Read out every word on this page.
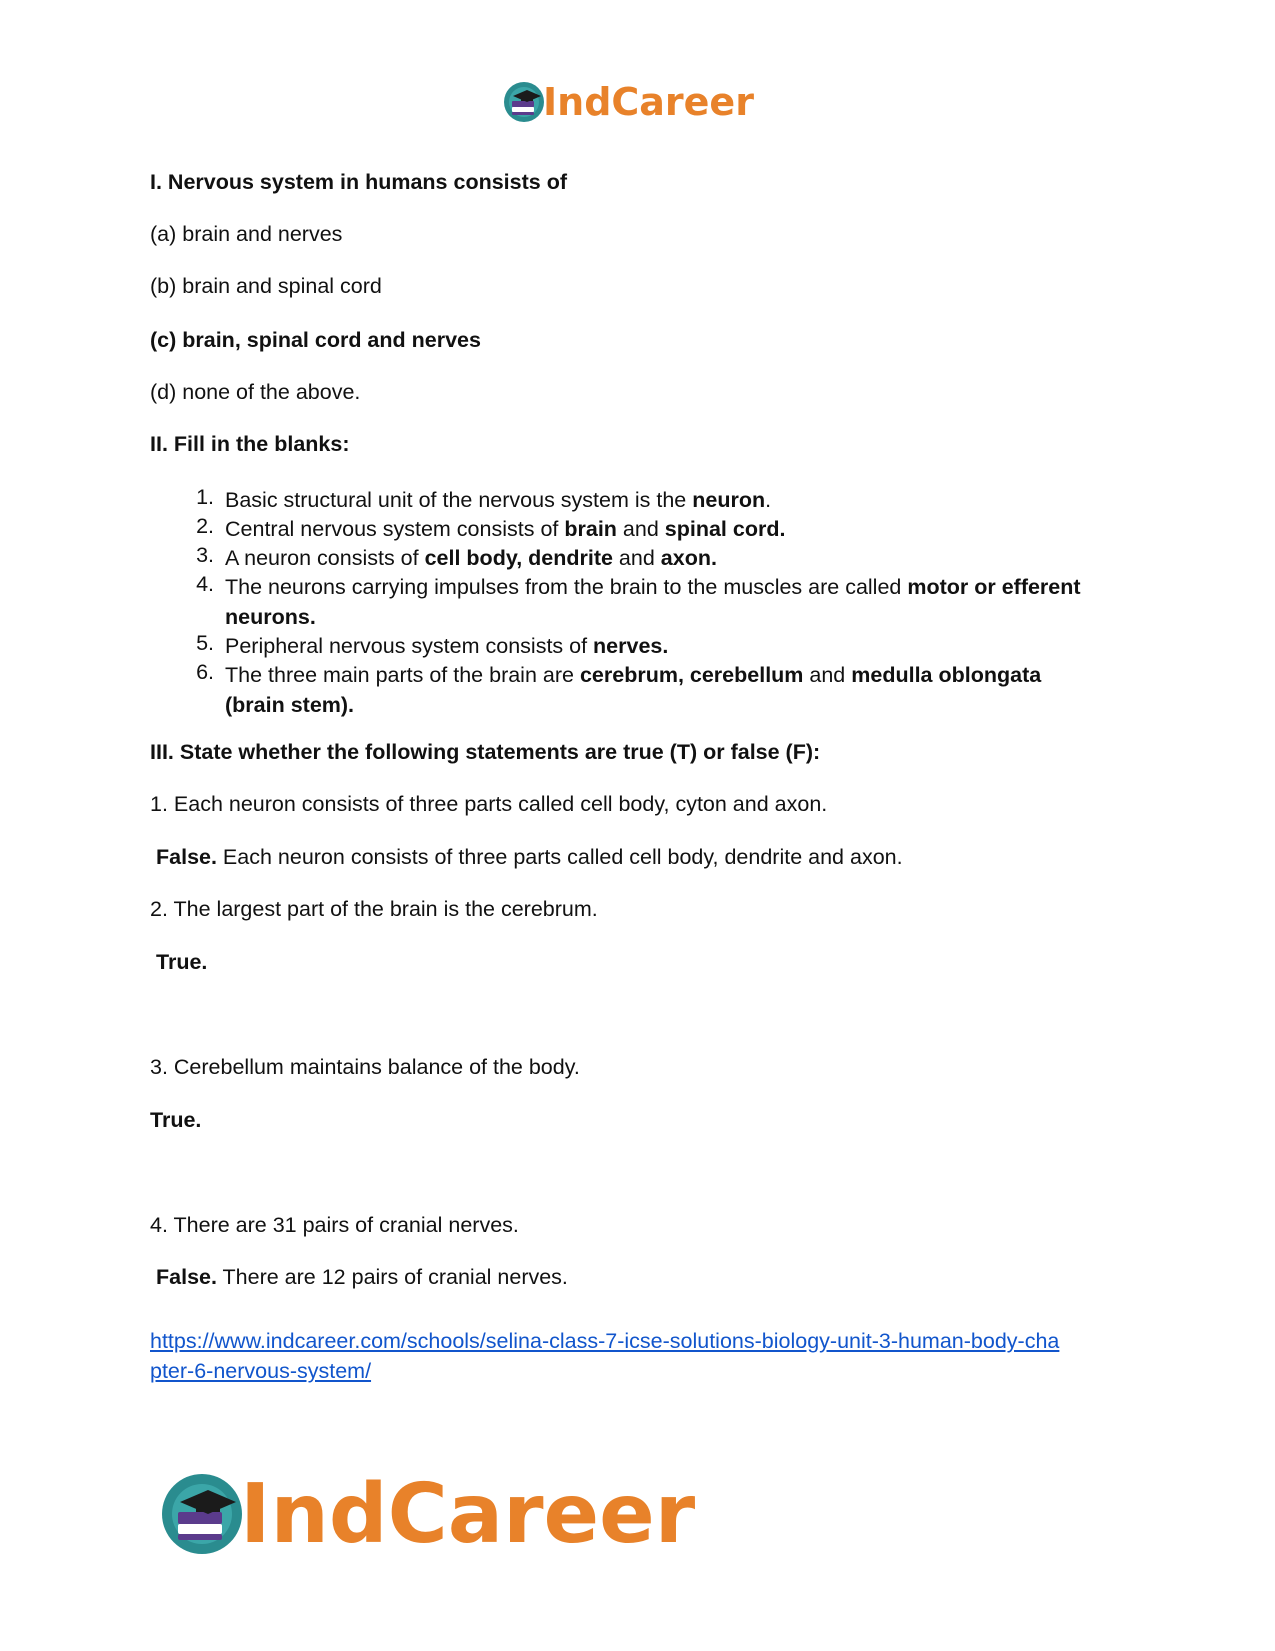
IndCareer
I. Nervous system in humans consists of
(a) brain and nerves
(b) brain and spinal cord
(c) brain, spinal cord and nerves
(d) none of the above.
II. Fill in the blanks:
1. Basic structural unit of the nervous system is the neuron.
2. Central nervous system consists of brain and spinal cord.
3. A neuron consists of cell body, dendrite and axon.
4. The neurons carrying impulses from the brain to the muscles are called motor or efferent neurons.
5. Peripheral nervous system consists of nerves.
6. The three main parts of the brain are cerebrum, cerebellum and medulla oblongata (brain stem).
III. State whether the following statements are true (T) or false (F):
1. Each neuron consists of three parts called cell body, cyton and axon.
False. Each neuron consists of three parts called cell body, dendrite and axon.
2. The largest part of the brain is the cerebrum.
True.
3. Cerebellum maintains balance of the body.
True.
4. There are 31 pairs of cranial nerves.
False. There are 12 pairs of cranial nerves.
https://www.indcareer.com/schools/selina-class-7-icse-solutions-biology-unit-3-human-body-cha
pter-6-nervous-system/
IndCareer
